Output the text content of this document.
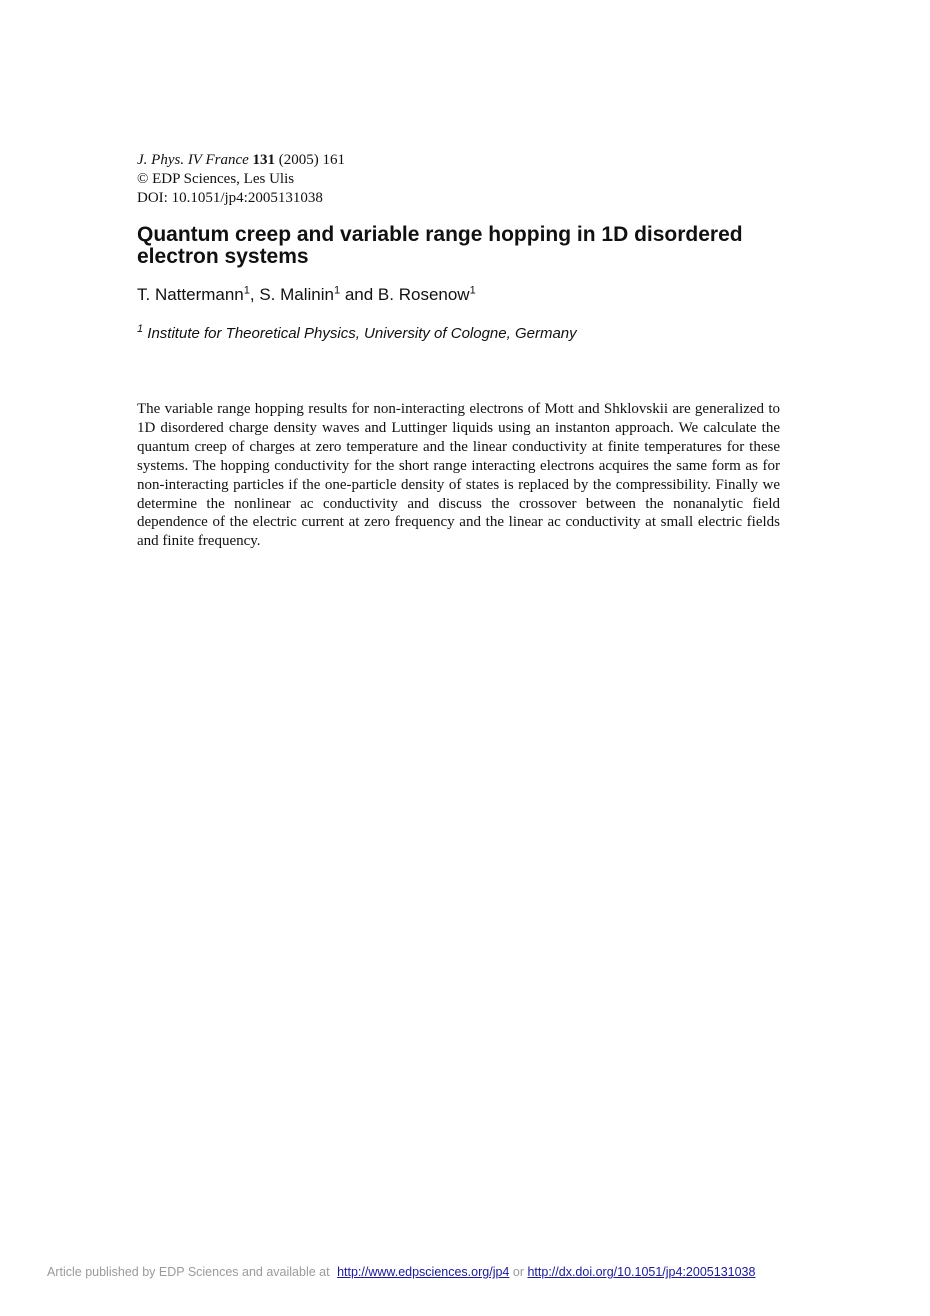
J. Phys. IV France 131 (2005) 161
© EDP Sciences, Les Ulis
DOI: 10.1051/jp4:2005131038
Quantum creep and variable range hopping in 1D disordered electron systems
T. Nattermann$^1$, S. Malinin$^1$ and B. Rosenow$^1$
$^1$ Institute for Theoretical Physics, University of Cologne, Germany

The variable range hopping results for non-interacting electrons of Mott and Shklovskii are generalized to 1D disordered charge density waves and Luttinger liquids using an instanton approach. We calculate the quantum creep of charges at zero temperature and the linear conductivity at finite temperatures for these systems. The hopping conductivity for the short range interacting electrons acquires the same form as for non-interacting particles if the one-particle density of states is replaced by the compressibility. Finally we determine the nonlinear ac conductivity and discuss the crossover between the nonanalytic field dependence of the electric current at zero frequency and the linear ac conductivity at small electric fields and finite frequency.

Article published by EDP Sciences and available at http://www.edpsciences.org/jp4 or http://dx.doi.org/10.1051/jp4:2005131038
